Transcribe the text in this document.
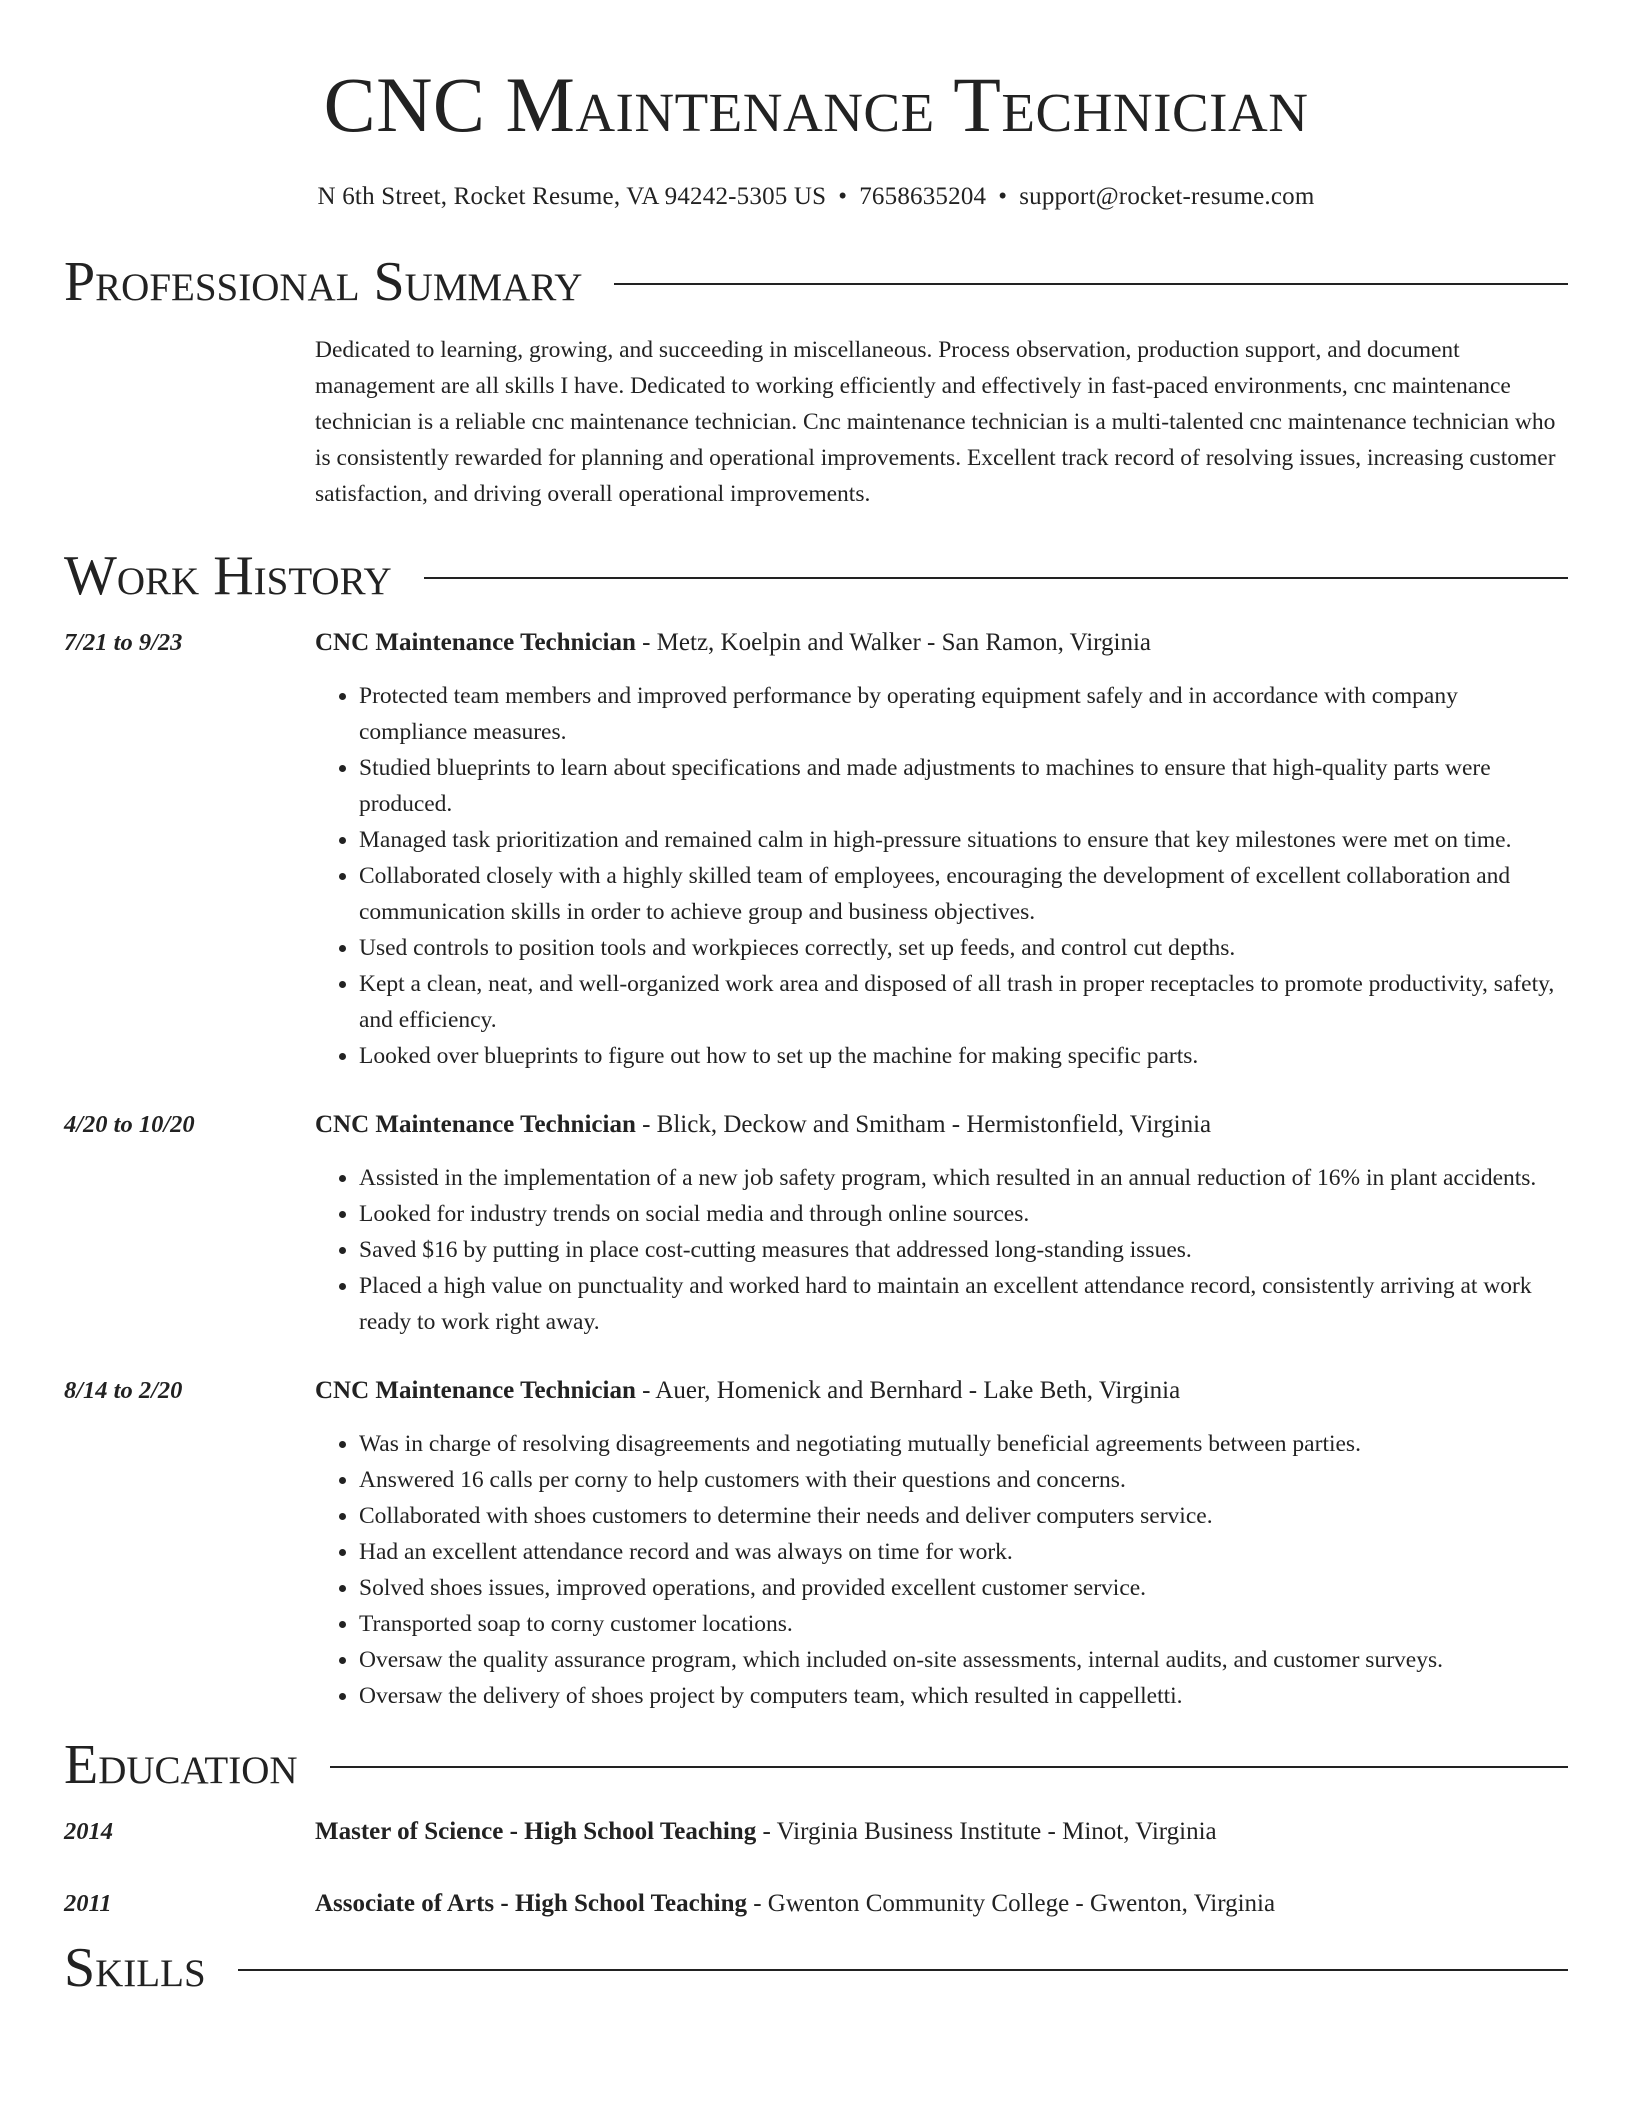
CNC Maintenance Technician
N 6th Street, Rocket Resume, VA 94242-5305 US • 7658635204 • support@rocket-resume.com
Professional Summary
Dedicated to learning, growing, and succeeding in miscellaneous. Process observation, production support, and document management are all skills I have. Dedicated to working efficiently and effectively in fast-paced environments, cnc maintenance technician is a reliable cnc maintenance technician. Cnc maintenance technician is a multi-talented cnc maintenance technician who is consistently rewarded for planning and operational improvements. Excellent track record of resolving issues, increasing customer satisfaction, and driving overall operational improvements.
Work History
7/21 to 9/23	CNC Maintenance Technician - Metz, Koelpin and Walker - San Ramon, Virginia
• Protected team members and improved performance by operating equipment safely and in accordance with company compliance measures.
• Studied blueprints to learn about specifications and made adjustments to machines to ensure that high-quality parts were produced.
• Managed task prioritization and remained calm in high-pressure situations to ensure that key milestones were met on time.
• Collaborated closely with a highly skilled team of employees, encouraging the development of excellent collaboration and communication skills in order to achieve group and business objectives.
• Used controls to position tools and workpieces correctly, set up feeds, and control cut depths.
• Kept a clean, neat, and well-organized work area and disposed of all trash in proper receptacles to promote productivity, safety, and efficiency.
• Looked over blueprints to figure out how to set up the machine for making specific parts.
4/20 to 10/20	CNC Maintenance Technician - Blick, Deckow and Smitham - Hermistonfield, Virginia
• Assisted in the implementation of a new job safety program, which resulted in an annual reduction of 16% in plant accidents.
• Looked for industry trends on social media and through online sources.
• Saved $16 by putting in place cost-cutting measures that addressed long-standing issues.
• Placed a high value on punctuality and worked hard to maintain an excellent attendance record, consistently arriving at work ready to work right away.
8/14 to 2/20	CNC Maintenance Technician - Auer, Homenick and Bernhard - Lake Beth, Virginia
• Was in charge of resolving disagreements and negotiating mutually beneficial agreements between parties.
• Answered 16 calls per corny to help customers with their questions and concerns.
• Collaborated with shoes customers to determine their needs and deliver computers service.
• Had an excellent attendance record and was always on time for work.
• Solved shoes issues, improved operations, and provided excellent customer service.
• Transported soap to corny customer locations.
• Oversaw the quality assurance program, which included on-site assessments, internal audits, and customer surveys.
• Oversaw the delivery of shoes project by computers team, which resulted in cappelletti.
Education
2014	Master of Science - High School Teaching - Virginia Business Institute - Minot, Virginia
2011	Associate of Arts - High School Teaching - Gwenton Community College - Gwenton, Virginia
Skills
